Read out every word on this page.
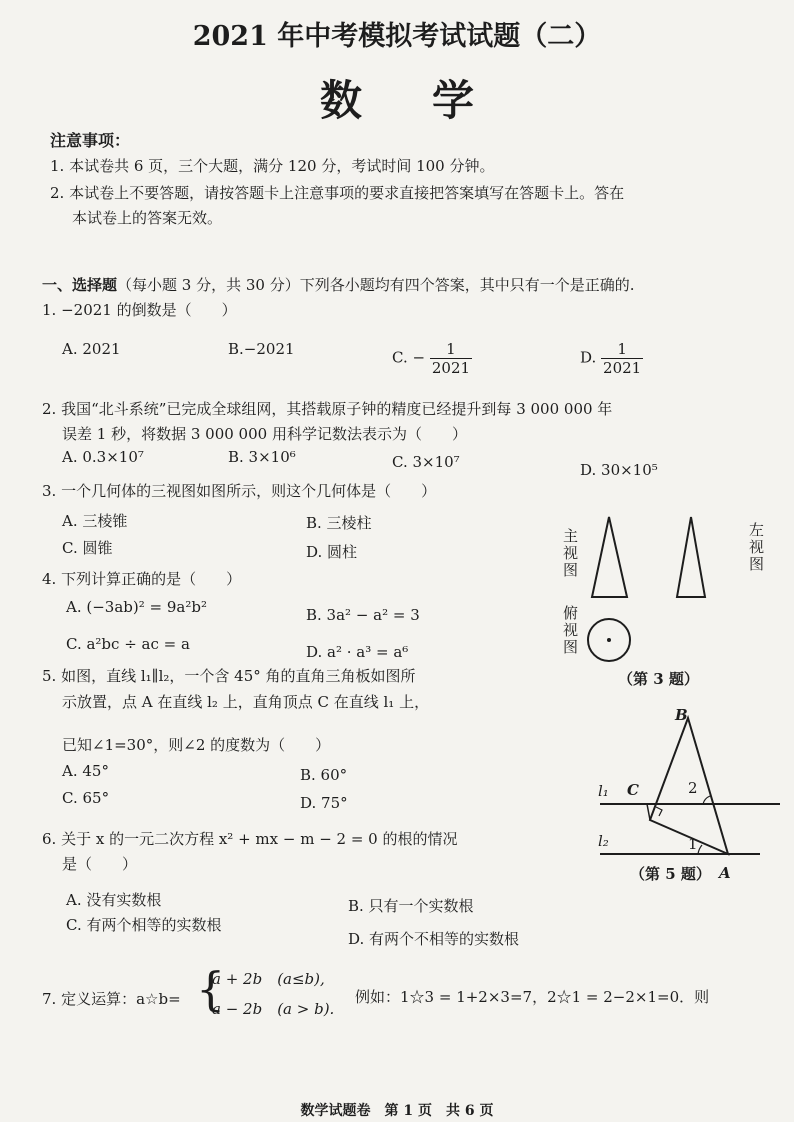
2021 年中考模拟考试试题（二）
数学
注意事项：
1. 本试卷共 6 页，三个大题，满分 120 分，考试时间 100 分钟。
2. 本试卷上不要答题，请按答题卡上注意事项的要求直接把答案填写在答题卡上。答在
本试卷上的答案无效。
一、选择题（每小题 3 分，共 30 分）下列各小题均有四个答案，其中只有一个是正确的.
1. −2021 的倒数是（　　）
A. 2021	B.−2021	C. − $\frac{1}{2021}$	D. $\frac{1}{2021}$
2. 我国“北斗系统”已完成全球组网，其搭载原子钟的精度已经提升到每 3 000 000 年
误差 1 秒，将数据 3 000 000 用科学记数法表示为（　　）
A. 0.3×10⁷	B. 3×10⁶	C. 3×10⁷	D. 30×10⁵
3. 一个几何体的三视图如图所示，则这个几何体是（　　）
A. 三棱锥	B. 三棱柱
C. 圆锥	D. 圆柱
主视图
左视图
俯视图
（第 3 题）
4. 下列计算正确的是（　　）
A. (−3ab)² = 9a²b²	B. 3a² − a² = 3
C. a²bc ÷ ac = a	D. a² · a³ = a⁶
5. 如图，直线 l₁∥l₂，一个含 45° 角的直角三角板如图所
示放置，点 A 在直线 l₂ 上，直角顶点 C 在直线 l₁ 上，
已知∠1=30°，则∠2 的度数为（　　）
A. 45°	B. 60°
C. 65°	D. 75°
B
C	2
1
l₁
l₂
（第 5 题） A
6. 关于 x 的一元二次方程 x² + mx − m − 2 = 0 的根的情况
是（　　）
A. 没有实数根	B. 只有一个实数根
C. 有两个相等的实数根
D. 有两个不相等的实数根
7. 定义运算：a☆b= {
a + 2b　(a≤b),
a − 2b　(a > b).
例如：1☆3 = 1+2×3=7，2☆1 = 2−2×1=0．则
数学试题卷　第 1 页　共 6 页
